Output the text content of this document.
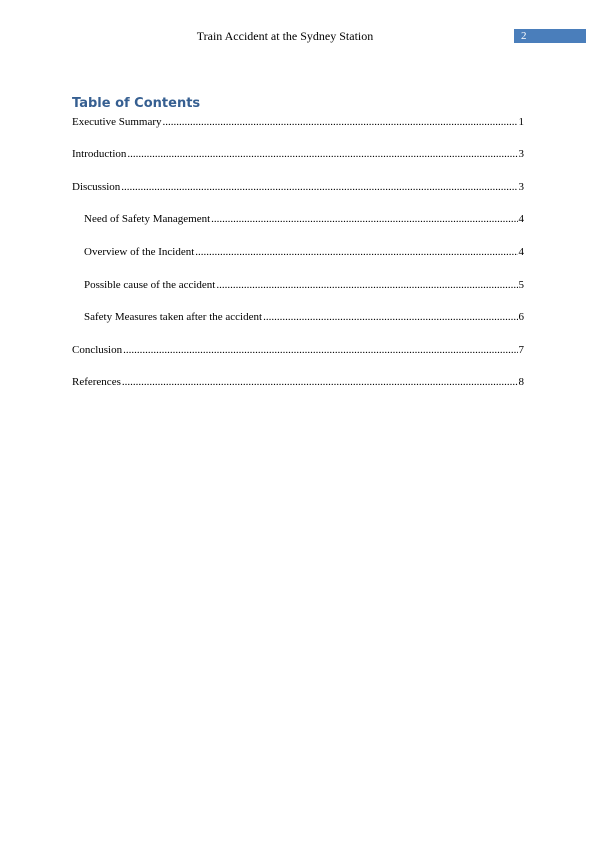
Train Accident at the Sydney Station	2
Table of Contents
Executive Summary .....	1
Introduction .....	3
Discussion .....	3
Need of Safety Management .....	4
Overview of the Incident .....	4
Possible cause of the accident .....	5
Safety Measures taken after the accident .....	6
Conclusion .....	7
References .....	8
